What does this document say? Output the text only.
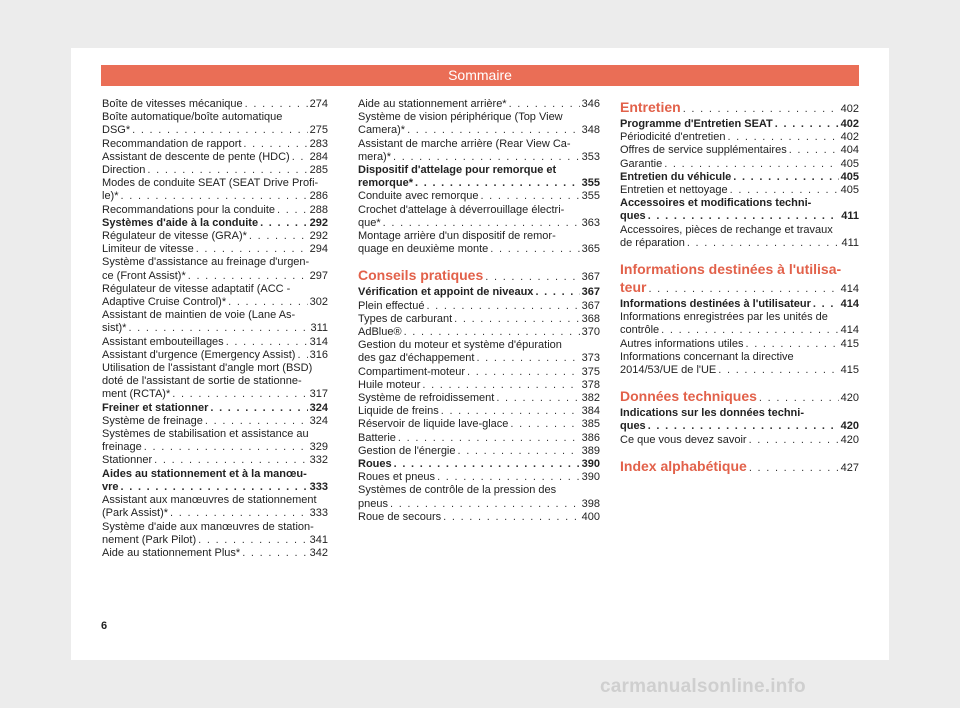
Sommaire
Boîte de vitesses mécanique . . .	274
Boîte automatique/boîte automatique
DSG* . . .	275
Recommandation de rapport . . .	283
Assistant de descente de pente (HDC) . . . 284
Direction . . .	285
Modes de conduite SEAT (SEAT Drive Profi-
le)* . . .	286
Recommandations pour la conduite . . .	288
Systèmes d'aide à la conduite . . .	292
Régulateur de vitesse (GRA)* . . .	292
Limiteur de vitesse . . .	294
Système d'assistance au freinage d'urgen-
ce (Front Assist)* . . .	297
Régulateur de vitesse adaptatif (ACC -
Adaptive Cruise Control)* . . .	302
Assistant de maintien de voie (Lane As-
sist)* . . .	311
Assistant embouteillages . . .	314
Assistant d'urgence (Emergency Assist) . . . 316
Utilisation de l'assistant d'angle mort (BSD)
doté de l'assistant de sortie de stationne-
ment (RCTA)* . . .	317
Freiner et stationner . . .	324
Système de freinage . . .	324
Systèmes de stabilisation et assistance au
freinage . . .	329
Stationner . . .	332
Aides au stationnement et à la manœu-
vre . . .	333
Assistant aux manœuvres de stationnement
(Park Assist)* . . .	333
Système d'aide aux manœuvres de station-
nement (Park Pilot) . . .	341
Aide au stationnement Plus* . . .	342
Aide au stationnement arrière* . . .	346
Système de vision périphérique (Top View
Camera)* . . .	348
Assistant de marche arrière (Rear View Ca-
mera)* . . .	353
Dispositif d'attelage pour remorque et
remorque* . . .	355
Conduite avec remorque . . .	355
Crochet d'attelage à déverrouillage électri-
que* . . .	363
Montage arrière d'un dispositif de remor-
quage en deuxième monte . . .	365
Conseils pratiques . . .	367
Vérification et appoint de niveaux . . .	367
Plein effectué . . .	367
Types de carburant . . .	368
AdBlue® . . .	370
Gestion du moteur et système d'épuration
des gaz d'échappement . . .	373
Compartiment-moteur . . .	375
Huile moteur . . .	378
Système de refroidissement . . .	382
Liquide de freins . . .	384
Réservoir de liquide lave-glace . . .	385
Batterie . . .	386
Gestion de l'énergie . . .	389
Roues . . .	390
Roues et pneus . . .	390
Systèmes de contrôle de la pression des
pneus . . .	398
Roue de secours . . .	400
Entretien . . .	402
Programme d'Entretien SEAT . . .	402
Périodicité d'entretien . . .	402
Offres de service supplémentaires . . .	404
Garantie . . .	405
Entretien du véhicule . . .	405
Entretien et nettoyage . . .	405
Accessoires et modifications techni-
ques . . .	411
Accessoires, pièces de rechange et travaux
de réparation . . .	411
Informations destinées à l'utilisa-
teur . . .	414
Informations destinées à l'utilisateur . . .	414
Informations enregistrées par les unités de
contrôle . . .	414
Autres informations utiles . . .	415
Informations concernant la directive
2014/53/UE de l'UE . . .	415
Données techniques . . .	420
Indications sur les données techni-
ques . . .	420
Ce que vous devez savoir . . .	420
Index alphabétique . . .	427
6
carmanualsonline.info
